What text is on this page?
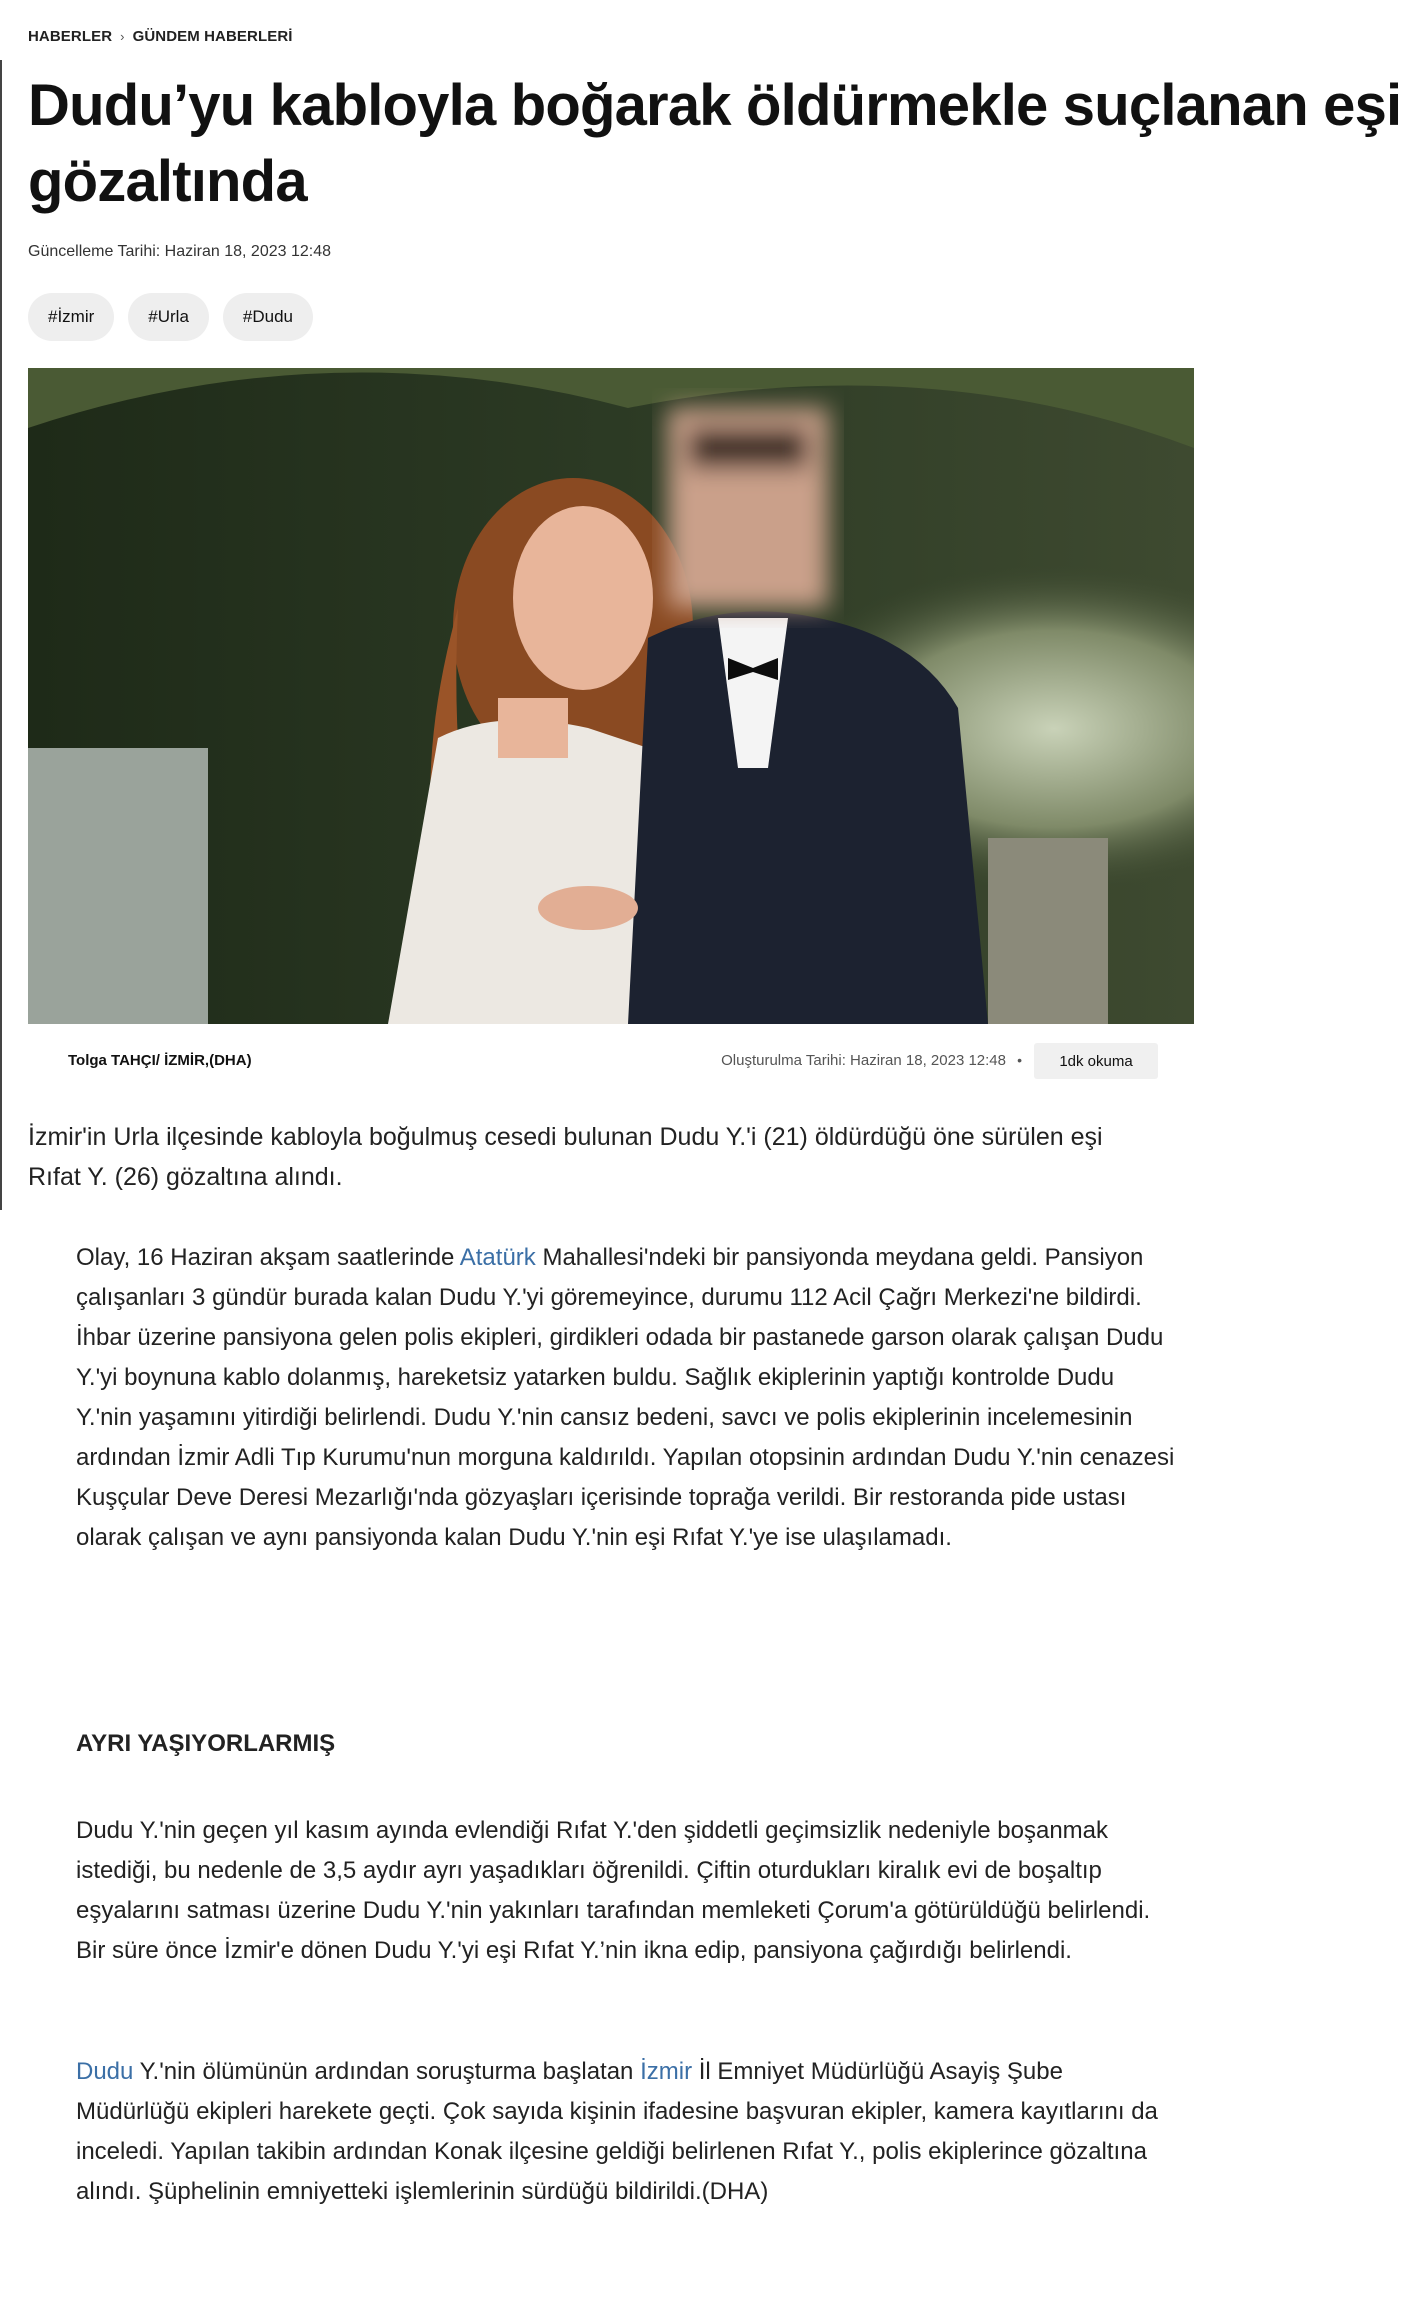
HABERLER › GÜNDEM HABERLERİ
Dudu’yu kabloyla boğarak öldürmekle suçlanan eşi gözaltında
Güncelleme Tarihi: Haziran 18, 2023 12:48
#İzmir	#Urla	#Dudu
Tolga TAHÇI/ İZMİR,(DHA)	Oluşturulma Tarihi: Haziran 18, 2023 12:48 •	1dk okuma

İzmir'in Urla ilçesinde kabloyla boğulmuş cesedi bulunan Dudu Y.'i (21) öldürdüğü öne sürülen eşi Rıfat Y. (26) gözaltına alındı.

Olay, 16 Haziran akşam saatlerinde Atatürk Mahallesi'ndeki bir pansiyonda meydana geldi. Pansiyon çalışanları 3 gündür burada kalan Dudu Y.'yi göremeyince, durumu 112 Acil Çağrı Merkezi'ne bildirdi. İhbar üzerine pansiyona gelen polis ekipleri, girdikleri odada bir pastanede garson olarak çalışan Dudu Y.'yi boynuna kablo dolanmış, hareketsiz yatarken buldu. Sağlık ekiplerinin yaptığı kontrolde Dudu Y.'nin yaşamını yitirdiği belirlendi. Dudu Y.'nin cansız bedeni, savcı ve polis ekiplerinin incelemesinin ardından İzmir Adli Tıp Kurumu'nun morguna kaldırıldı. Yapılan otopsinin ardından Dudu Y.'nin cenazesi Kuşçular Deve Deresi Mezarlığı'nda gözyaşları içerisinde toprağa verildi. Bir restoranda pide ustası olarak çalışan ve aynı pansiyonda kalan Dudu Y.'nin eşi Rıfat Y.'ye ise ulaşılamadı.

AYRI YAŞIYORLARMIŞ

Dudu Y.'nin geçen yıl kasım ayında evlendiği Rıfat Y.'den şiddetli geçimsizlik nedeniyle boşanmak istediği, bu nedenle de 3,5 aydır ayrı yaşadıkları öğrenildi. Çiftin oturdukları kiralık evi de boşaltıp eşyalarını satması üzerine Dudu Y.'nin yakınları tarafından memleketi Çorum'a götürüldüğü belirlendi. Bir süre önce İzmir'e dönen Dudu Y.'yi eşi Rıfat Y.’nin ikna edip, pansiyona çağırdığı belirlendi.

Dudu Y.'nin ölümünün ardından soruşturma başlatan İzmir İl Emniyet Müdürlüğü Asayiş Şube Müdürlüğü ekipleri harekete geçti. Çok sayıda kişinin ifadesine başvuran ekipler, kamera kayıtlarını da inceledi. Yapılan takibin ardından Konak ilçesine geldiği belirlenen Rıfat Y., polis ekiplerince gözaltına alındı. Şüphelinin emniyetteki işlemlerinin sürdüğü bildirildi.(DHA)
